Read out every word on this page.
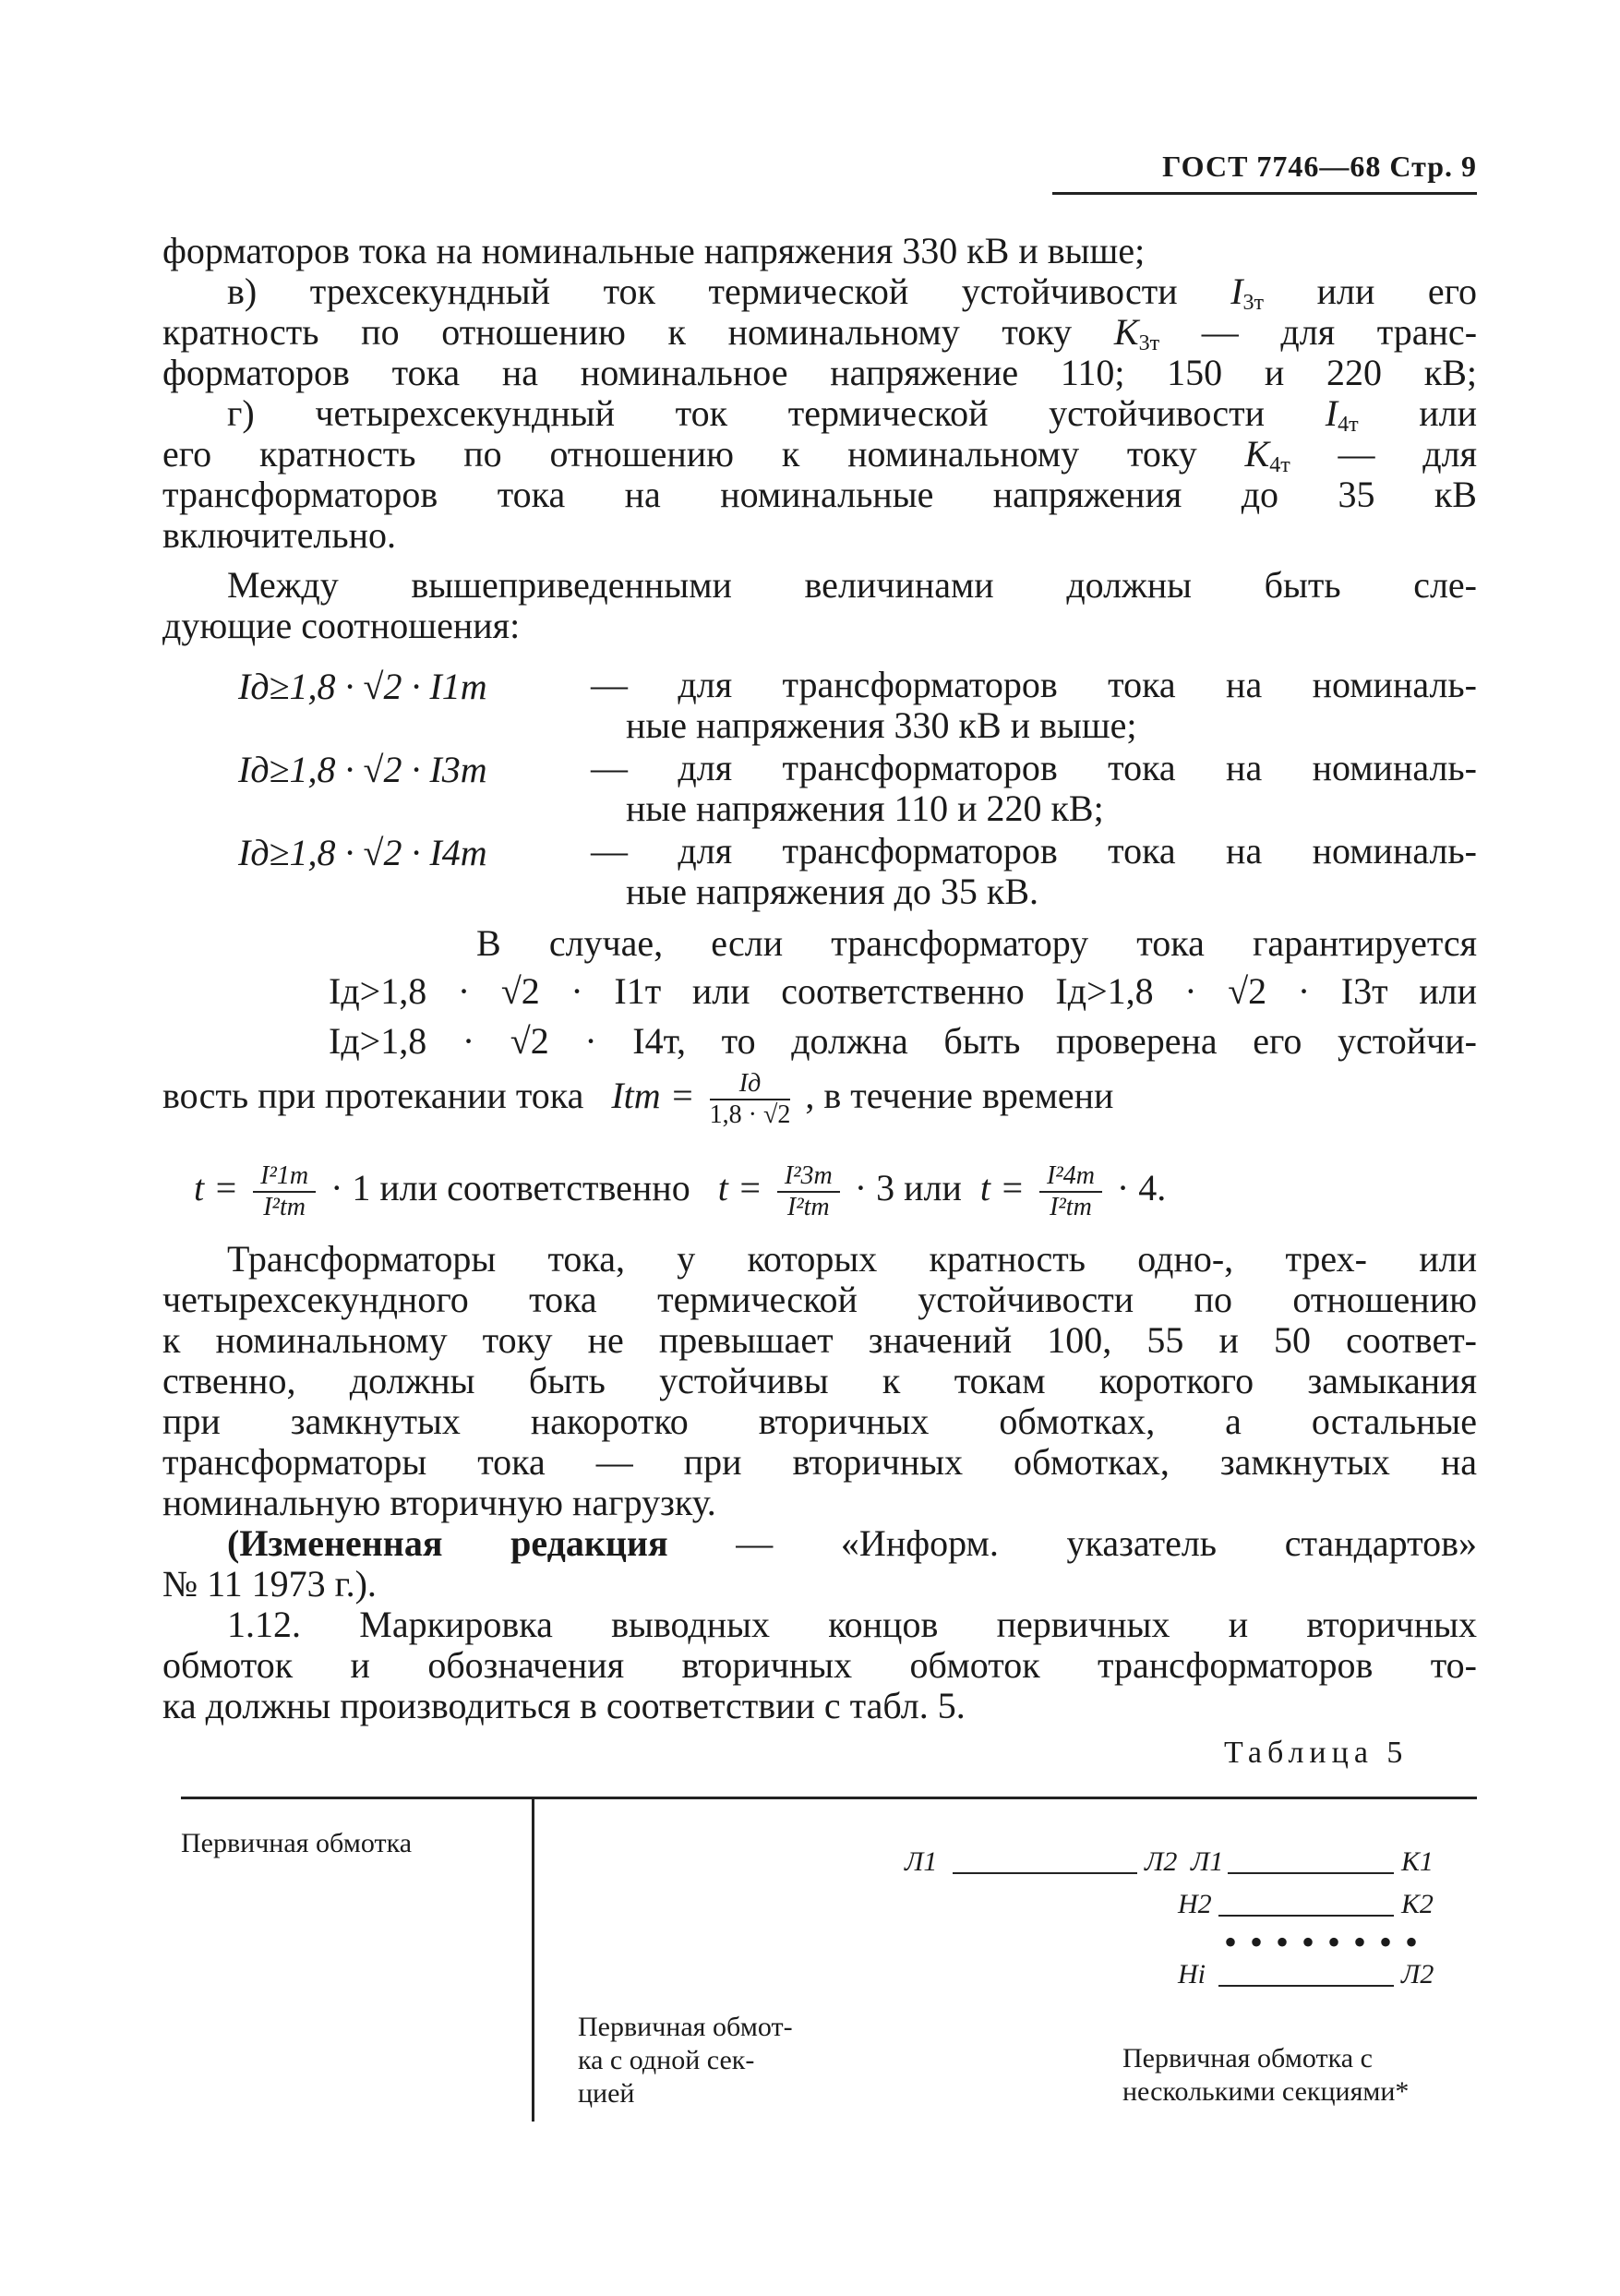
ГОСТ 7746—68 Стр. 9
форматоров тока на номинальные напряжения 330 кВ и выше;
в) трехсекундный ток термической устойчивости $I_{3т}$ или его
кратность по отношению к номинальному току $K_{3т}$ — для транс-
форматоров тока на номинальное напряжение 110; 150 и 220 кВ;
г) четырехсекундный ток термической устойчивости $I_{4т}$ или
его кратность по отношению к номинальному току $K_{4т}$ — для
трансформаторов тока на номинальные напряжения до 35 кВ
включительно.
Между вышеприведенными величинами должны быть сле-
дующие соотношения:
Iд≥1,8 · √2 · I1т	— для трансформаторов тока на номиналь-
ные напряжения 330 кВ и выше;
Iд≥1,8 · √2 · I3т	— для трансформаторов тока на номиналь-
ные напряжения 110 и 220 кВ;
Iд≥1,8 · √2 · I4т	— для трансформаторов тока на номиналь-
ные напряжения до 35 кВ.
В случае, если трансформатору тока гарантируется
Iд>1,8 · √2 · I1т или соответственно Iд>1,8 · √2 · I3т или
Iд>1,8 · √2 · I4т, то должна быть проверена его устойчи-
вость при протекании тока Itт = $\frac{Iд}{1,8 \cdot √2}$ , в течение времени
$t = \frac{\text{I²1т}}{\text{I²tт}} \cdot 1$ или соответственно $t = \frac{\text{I²3т}}{\text{I²tт}} \cdot 3$ или $t = \frac{\text{I²4т}}{\text{I²tт}} \cdot 4$.
Трансформаторы тока, у которых кратность одно-, трех- или
четырехсекундного тока термической устойчивости по отношению
к номинальному току не превышает значений 100, 55 и 50 соответ-
ственно, должны быть устойчивы к токам короткого замыкания
при замкнутых накоротко вторичных обмотках, а остальные
трансформаторы тока — при вторичных обмотках, замкнутых на
номинальную вторичную нагрузку.
(Измененная редакция — «Информ. указатель стандартов»
№ 11 1973 г.).
1.12. Маркировка выводных концов первичных и вторичных
обмоток и обозначения вторичных обмоток трансформаторов то-
ка должны производиться в соответствии с табл. 5.
Таблица 5
Первичная обмотка
Л1	Л2 Л1	К1
Н2	К2
••••••••
Нi	Л2
Первичная обмот-
ка с одной сек-
цией
Первичная обмотка с
несколькими секциями*
